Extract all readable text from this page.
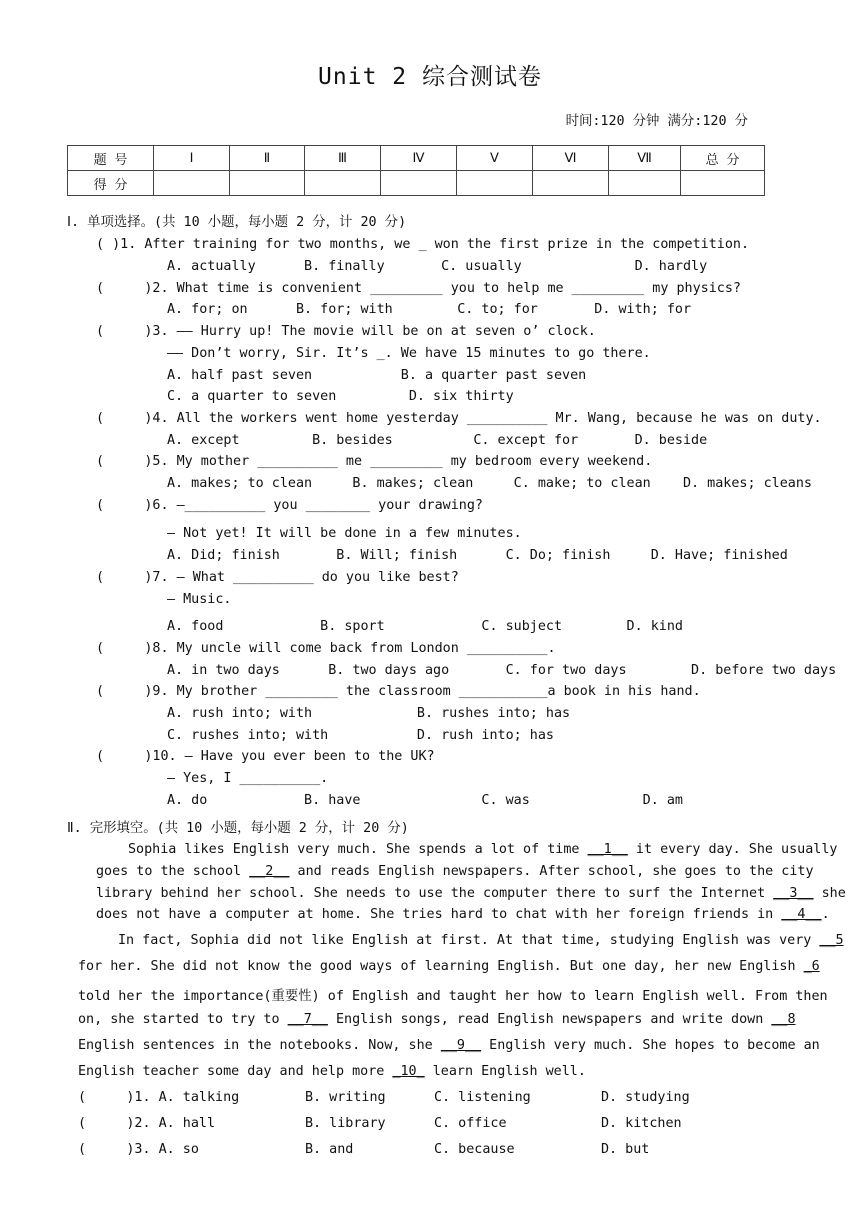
Unit 2 综合测试卷
时间:120 分钟 满分:120 分
题 号	Ⅰ	Ⅱ	Ⅲ	Ⅳ	Ⅴ	Ⅵ	Ⅶ	总 分
得 分								
Ⅰ. 单项选择。(共 10 小题，每小题 2 分，计 20 分)
( )1. After training for two months, we _ won the first prize in the competition.
A. actually      B. finally       C. usually              D. hardly
(     )2. What time is convenient _________ you to help me _________ my physics?
A. for; on      B. for; with        C. to; for       D. with; for
(     )3. —— Hurry up! The movie will be on at seven o’ clock.
—— Don’t worry, Sir. It’s _. We have 15 minutes to go there.
A. half past seven           B. a quarter past seven
C. a quarter to seven         D. six thirty
(     )4. All the workers went home yesterday __________ Mr. Wang, because he was on duty.
A. except         B. besides          C. except for       D. beside
(     )5. My mother __________ me _________ my bedroom every weekend.
A. makes; to clean     B. makes; clean     C. make; to clean    D. makes; cleans
(     )6. —__________ you ________ your drawing?
— Not yet! It will be done in a few minutes.
A. Did; finish       B. Will; finish      C. Do; finish     D. Have; finished
(     )7. — What __________ do you like best?
— Music.
A. food            B. sport            C. subject        D. kind
(     )8. My uncle will come back from London __________.
A. in two days      B. two days ago       C. for two days        D. before two days
(     )9. My brother _________ the classroom ___________a book in his hand.
A. rush into; with             B. rushes into; has
C. rushes into; with           D. rush into; has
(     )10. — Have you ever been to the UK?
— Yes, I __________.
A. do            B. have               C. was              D. am
Ⅱ. 完形填空。(共 10 小题，每小题 2 分，计 20 分)
Sophia likes English very much. She spends a lot of time __1__ it every day. She usually
goes to the school __2__ and reads English newspapers. After school, she goes to the city
library behind her school. She needs to use the computer there to surf the Internet __3__ she
does not have a computer at home. She tries hard to chat with her foreign friends in __4__.
In fact, Sophia did not like English at first. At that time, studying English was very __5
for her. She did not know the good ways of learning English. But one day, her new English _6
told her the importance(重要性) of English and taught her how to learn English well. From then
on, she started to try to __7__ English songs, read English newspapers and write down __8
English sentences in the notebooks. Now, she __9__ English very much. She hopes to become an
English teacher some day and help more _10_ learn English well.
(     )1. A. talking	B. writing	C. listening	D. studying
(     )2. A. hall	B. library	C. office	D. kitchen
(     )3. A. so	B. and	C. because	D. but
